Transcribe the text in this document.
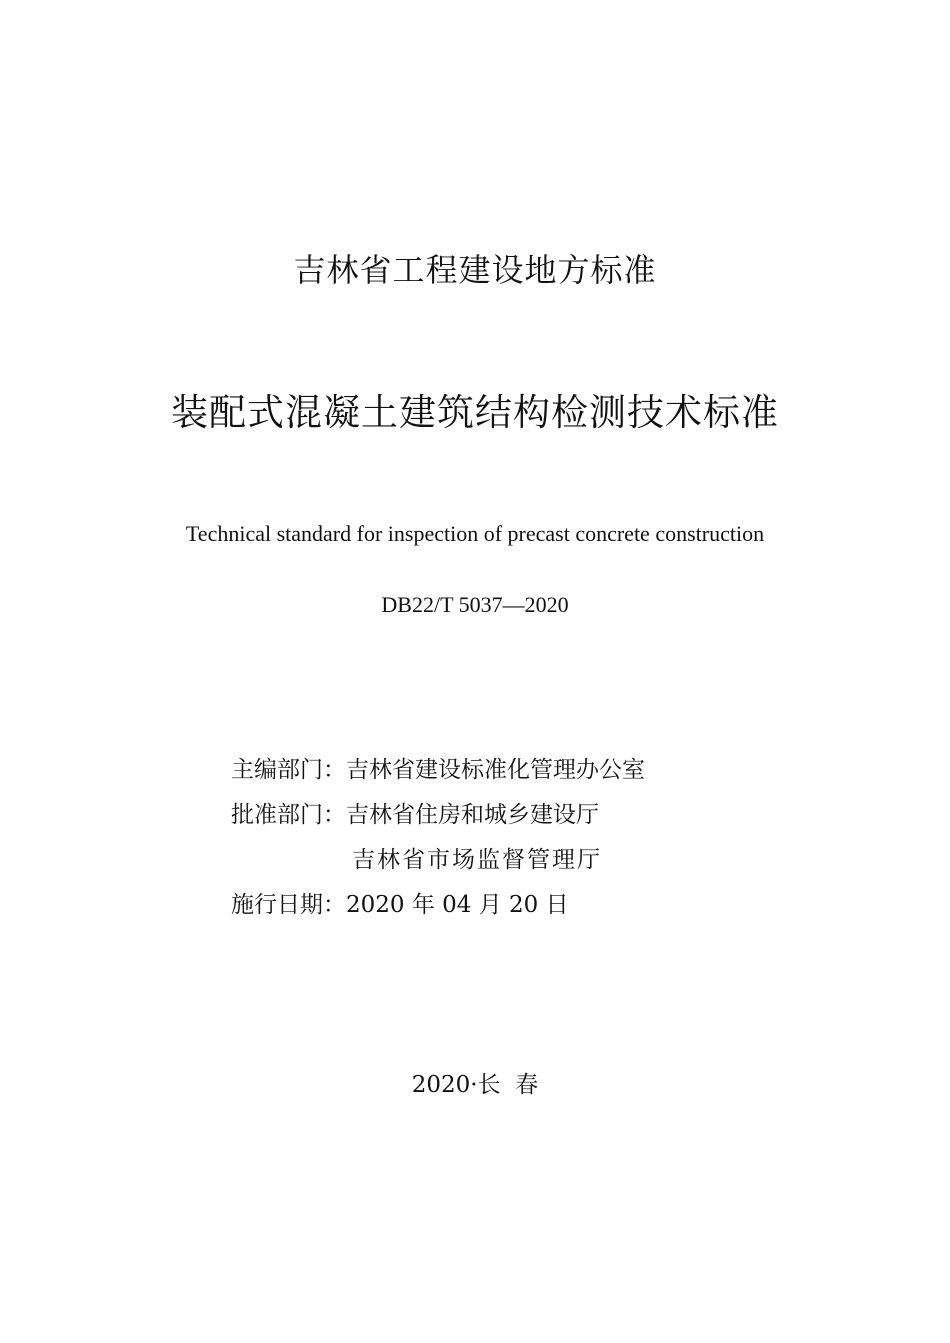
吉林省工程建设地方标准
装配式混凝土建筑结构检测技术标准
Technical standard for inspection of precast concrete construction
DB22/T 5037—2020
主编部门： 吉林省建设标准化管理办公室
批准部门： 吉林省住房和城乡建设厅
吉林省市场监督管理厅
施行日期： 2020 年 04 月 20 日
2020·长  春
